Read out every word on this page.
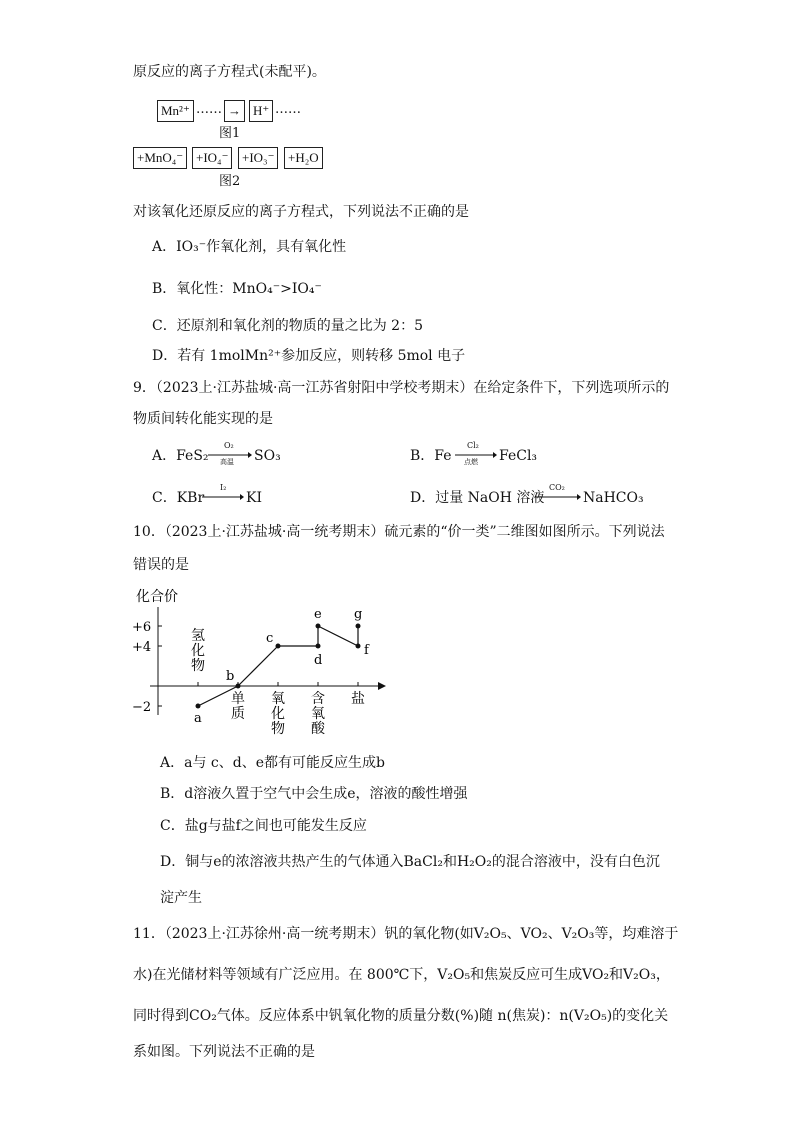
原反应的离子方程式(未配平)。
Mn²⁺ …… → H⁺ ……
图1
+MnO₄⁻ +IO₄⁻	+IO₃⁻	+H₂O
图2
对该氧化还原反应的离子方程式，下列说法不正确的是
A．IO₃⁻作氧化剂，具有氧化性
B．氧化性：MnO₄⁻>IO₄⁻
C．还原剂和氧化剂的物质的量之比为 2：5
D．若有 1molMn²⁺参加反应，则转移 5mol 电子
9．（2023上·江苏盐城·高一江苏省射阳中学校考期末）在给定条件下，下列选项所示的
物质间转化能实现的是
A．FeS₂
O₂
高温 SO₃	B．Fe
Cl₂
点燃 FeCl₃
C．KBr
I₂
KI	D．过量 NaOH 溶液
CO₂
NaHCO₃
10．（2023上·江苏盐城·高一统考期末）硫元素的“价一类”二维图如图所示。下列说法
错误的是
化合价
+6
+4
−2
氢
化
物
单
质
氧
化
物
含
氧
酸
盐
a
b
c
d
e
f
g
A．a与 c、d、e都有可能反应生成b
B．d溶液久置于空气中会生成e，溶液的酸性增强
C．盐g与盐f之间也可能发生反应
D．铜与e的浓溶液共热产生的气体通入BaCl₂和H₂O₂的混合溶液中，没有白色沉
淀产生
11．（2023上·江苏徐州·高一统考期末）钒的氧化物(如V₂O₅、VO₂、V₂O₃等，均难溶于
水)在光储材料等领域有广泛应用。在 800℃下，V₂O₅和焦炭反应可生成VO₂和V₂O₃，
同时得到CO₂气体。反应体系中钒氧化物的质量分数(%)随 n(焦炭)：n(V₂O₅)的变化关
系如图。下列说法不正确的是
